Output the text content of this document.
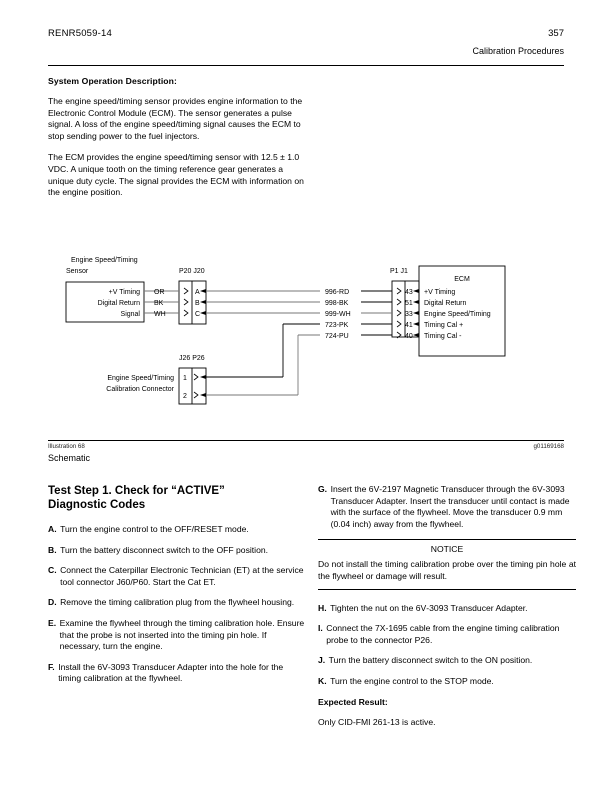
RENR5059-14	357
Calibration Procedures
System Operation Description:

The engine speed/timing sensor provides engine information to the Electronic Control Module (ECM). The sensor generates a pulse signal. A loss of the engine speed/timing signal causes the ECM to stop sending power to the fuel injectors.

The ECM provides the engine speed/timing sensor with 12.5 ± 1.0 VDC. A unique tooth on the timing reference gear generates a unique duty cycle. The signal provides the ECM with information on the engine position.

Engine Speed/Timing
Sensor
+V Timing
Digital Return
Signal
OR
BK
WH
P20 J20
A
B
C
J26 P26
Engine Speed/Timing
Calibration Connector
1
2
996-RD
998-BK
999-WH
723-PK
724-PU
P1 J1
43
51
33
41
40
ECM
+V Timing
Digital Return
Engine Speed/Timing
Timing Cal +
Timing Cal -
Illustration 68	g01169168
Schematic
Test Step 1. Check for “ACTIVE”
Diagnostic Codes
A. Turn the engine control to the OFF/RESET mode.
B. Turn the battery disconnect switch to the OFF position.
C. Connect the Caterpillar Electronic Technician (ET) at the service tool connector J60/P60. Start the Cat ET.
D. Remove the timing calibration plug from the flywheel housing.
E. Examine the flywheel through the timing calibration hole. Ensure that the probe is not inserted into the timing pin hole. If necessary, turn the engine.
F. Install the 6V‑3093 Transducer Adapter into the hole for the timing calibration at the flywheel.
G. Insert the 6V‑2197 Magnetic Transducer through the 6V‑3093 Transducer Adapter. Insert the transducer until contact is made with the surface of the flywheel. Move the transducer 0.9 mm (0.04 inch) away from the flywheel.
NOTICE
Do not install the timing calibration probe over the timing pin hole at the flywheel or damage will result.
H. Tighten the nut on the 6V‑3093 Transducer Adapter.
I. Connect the 7X‑1695 cable from the engine timing calibration probe to the connector P26.
J. Turn the battery disconnect switch to the ON position.
K. Turn the engine control to the STOP mode.
Expected Result:
Only CID-FMI 261-13 is active.
